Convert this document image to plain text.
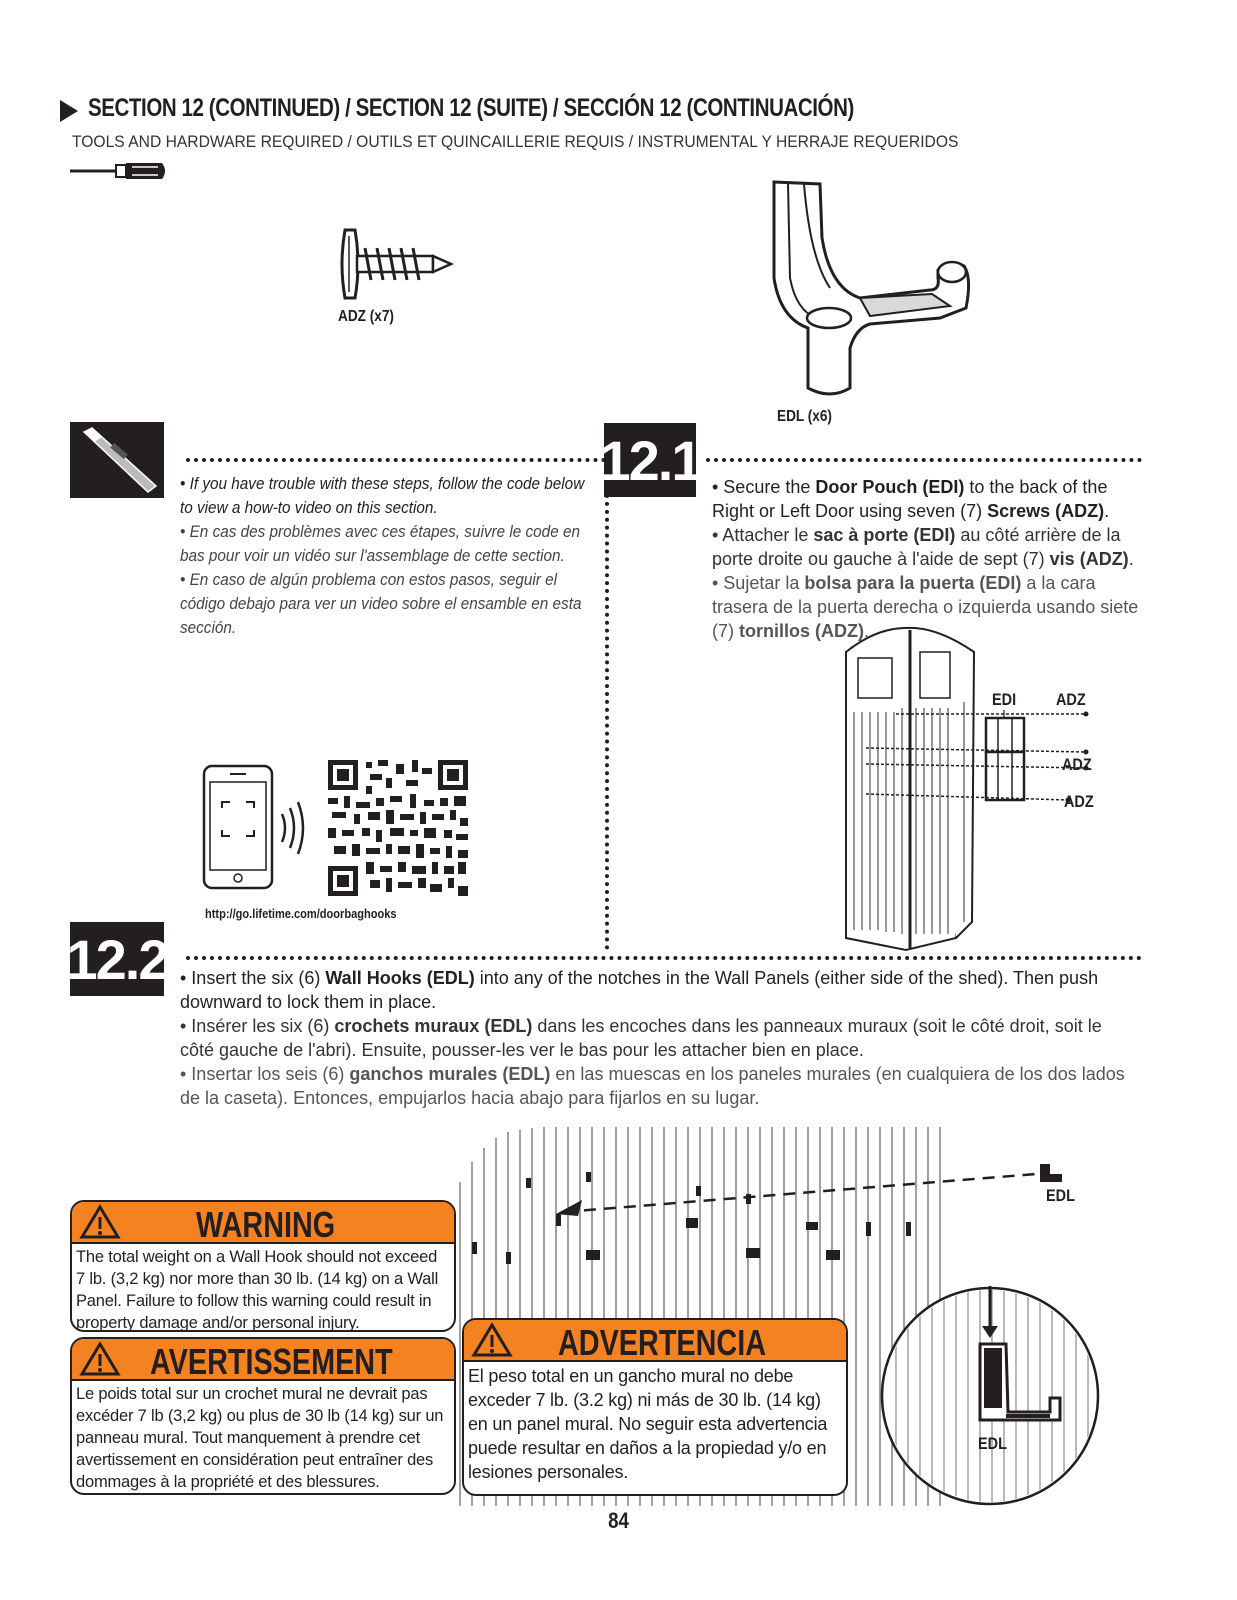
SECTION 12 (CONTINUED) / SECTION 12 (SUITE) / SECCIÓN 12 (CONTINUACIÓN)
TOOLS AND HARDWARE REQUIRED / OUTILS ET QUINCAILLERIE REQUIS / INSTRUMENTAL Y HERRAJE REQUERIDOS
ADZ (x7)
EDL (x6)
• If you have trouble with these steps, follow the code below to view a how-to video on this section.
• En cas des problèmes avec ces étapes, suivre le code en bas pour voir un vidéo sur l'assemblage de cette section.
• En caso de algún problema con estos pasos, seguir el código debajo para ver un video sobre el ensamble en esta sección.
http://go.lifetime.com/doorbaghooks
12.1 • Secure the Door Pouch (EDI) to the back of the Right or Left Door using seven (7) Screws (ADZ).
• Attacher le sac à porte (EDI) au côté arrière de la porte droite ou gauche à l'aide de sept (7) vis (ADZ).
• Sujetar la bolsa para la puerta (EDI) a la cara trasera de la puerta derecha o izquierda usando siete (7) tornillos (ADZ).
EDI ADZ
ADZ
ADZ
12.2 • Insert the six (6) Wall Hooks (EDL) into any of the notches in the Wall Panels (either side of the shed). Then push downward to lock them in place.
• Insérer les six (6) crochets muraux (EDL) dans les encoches dans les panneaux muraux (soit le côté droit, soit le côté gauche de l'abri). Ensuite, pousser-les ver le bas pour les attacher bien en place.
• Insertar los seis (6) ganchos murales (EDL) en las muescas en los paneles murales (en cualquiera de los dos lados de la caseta). Entonces, empujarlos hacia abajo para fijarlos en su lugar.
EDL
EDL
WARNING
The total weight on a Wall Hook should not exceed 7 lb. (3,2 kg) nor more than 30 lb. (14 kg) on a Wall Panel. Failure to follow this warning could result in property damage and/or personal injury.
AVERTISSEMENT
Le poids total sur un crochet mural ne devrait pas excéder 7 lb (3,2 kg) ou plus de 30 lb (14 kg) sur un panneau mural. Tout manquement à prendre cet avertissement en considération peut entraîner des dommages à la propriété et des blessures.
ADVERTENCIA
El peso total en un gancho mural no debe exceder 7 lb. (3.2 kg) ni más de 30 lb. (14 kg) en un panel mural. No seguir esta advertencia puede resultar en daños a la propiedad y/o en lesiones personales.
84
